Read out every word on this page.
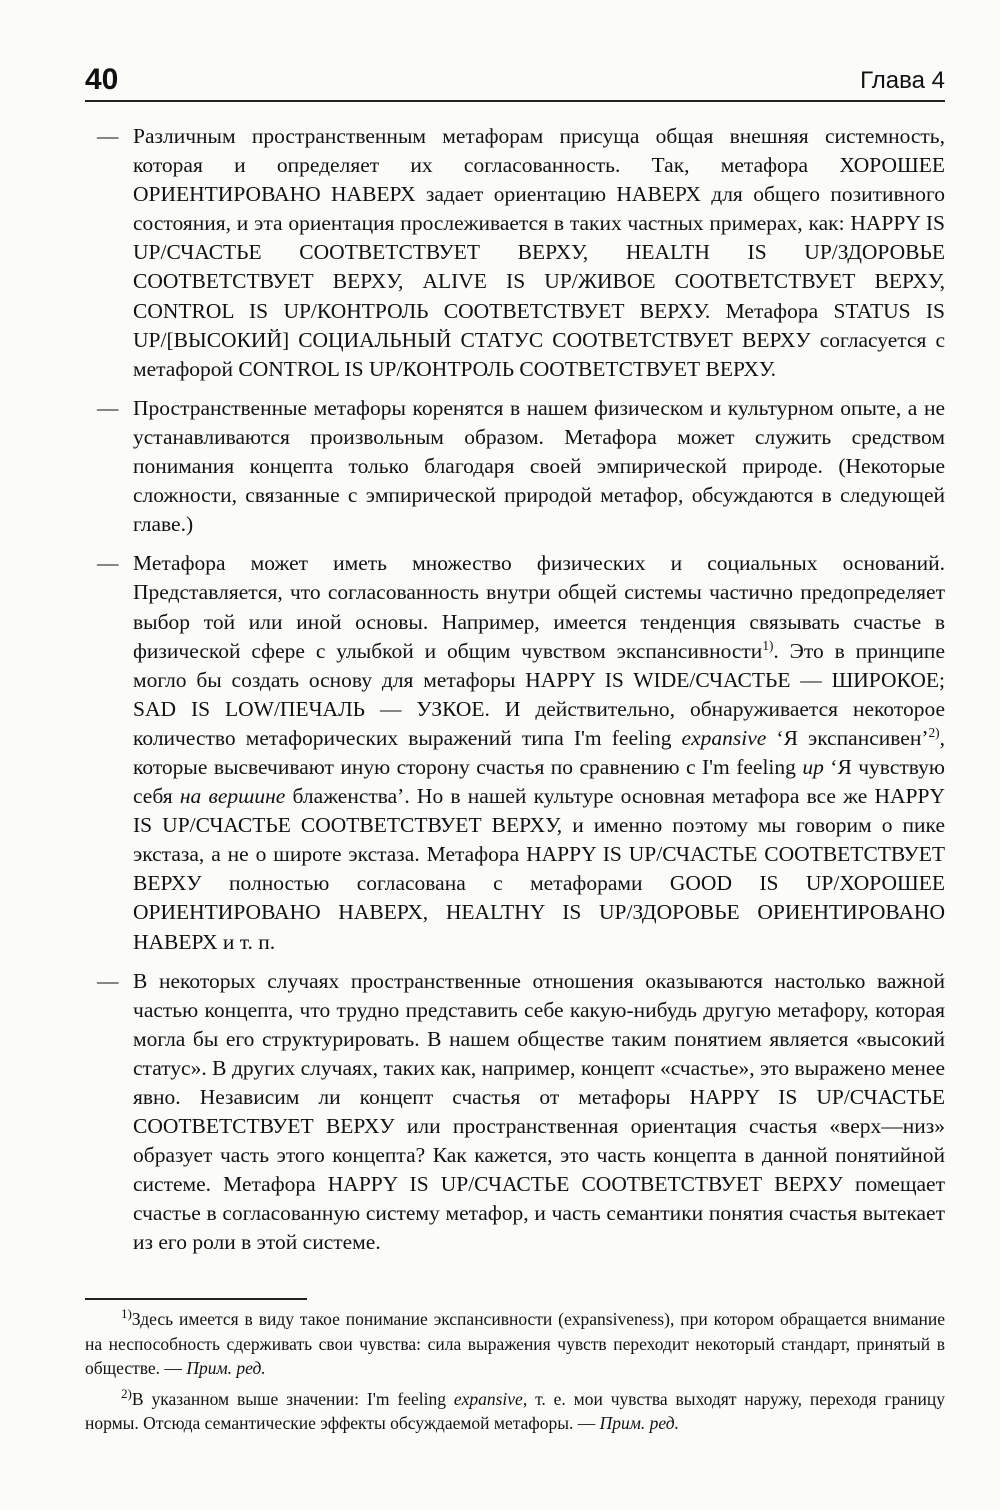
40	Глава 4
— Различным пространственным метафорам присуща общая внешняя системность, которая и определяет их согласованность. Так, метафора ХОРОШЕЕ ОРИЕНТИРОВАНО НАВЕРХ задает ориентацию НАВЕРХ для общего позитивного состояния, и эта ориентация прослеживается в таких частных примерах, как: HAPPY IS UP/СЧАСТЬЕ СООТВЕТСТВУЕТ ВЕРХУ, HEALTH IS UP/ЗДОРОВЬЕ СООТВЕТСТВУЕТ ВЕРХУ, ALIVE IS UP/ЖИВОЕ СООТВЕТСТВУЕТ ВЕРХУ, CONTROL IS UP/КОНТРОЛЬ СООТВЕТСТВУЕТ ВЕРХУ. Метафора STATUS IS UP/[ВЫСОКИЙ] СОЦИАЛЬНЫЙ СТАТУС СООТВЕТСТВУЕТ ВЕРХУ согласуется с метафорой CONTROL IS UP/КОНТРОЛЬ СООТВЕТСТВУЕТ ВЕРХУ.

— Пространственные метафоры коренятся в нашем физическом и культурном опыте, а не устанавливаются произвольным образом. Метафора может служить средством понимания концепта только благодаря своей эмпирической природе. (Некоторые сложности, связанные с эмпирической природой метафор, обсуждаются в следующей главе.)

— Метафора может иметь множество физических и социальных оснований. Представляется, что согласованность внутри общей системы частично предопределяет выбор той или иной основы. Например, имеется тенденция связывать счастье в физической сфере с улыбкой и общим чувством экспансивности$^{1)}$. Это в принципе могло бы создать основу для метафоры HAPPY IS WIDE/СЧАСТЬЕ — ШИРОКОЕ; SAD IS LOW/ПЕЧАЛЬ — УЗКОЕ. И действительно, обнаруживается некоторое количество метафорических выражений типа I'm feeling expansive ‘Я экспансивен’$^{2)}$, которые высвечивают иную сторону счастья по сравнению с I'm feeling up ‘Я чувствую себя на вершине блаженства’. Но в нашей культуре основная метафора все же HAPPY IS UP/СЧАСТЬЕ СООТВЕТСТВУЕТ ВЕРХУ, и именно поэтому мы говорим о пике экстаза, а не о широте экстаза. Метафора HAPPY IS UP/СЧАСТЬЕ СООТВЕТСТВУЕТ ВЕРХУ полностью согласована с метафорами GOOD IS UP/ХОРОШЕЕ ОРИЕНТИРОВАНО НАВЕРХ, HEALTHY IS UP/ЗДОРОВЬЕ ОРИЕНТИРОВАНО НАВЕРХ и т. п.

— В некоторых случаях пространственные отношения оказываются настолько важной частью концепта, что трудно представить себе какую-нибудь другую метафору, которая могла бы его структурировать. В нашем обществе таким понятием является «высокий статус». В других случаях, таких как, например, концепт «счастье», это выражено менее явно. Независим ли концепт счастья от метафоры HAPPY IS UP/СЧАСТЬЕ СООТВЕТСТВУЕТ ВЕРХУ или пространственная ориентация счастья «верх—низ» образует часть этого концепта? Как кажется, это часть концепта в данной понятийной системе. Метафора HAPPY IS UP/СЧАСТЬЕ СООТВЕТСТВУЕТ ВЕРХУ помещает счастье в согласованную систему метафор, и часть семантики понятия счастья вытекает из его роли в этой системе.

$^{1)}$Здесь имеется в виду такое понимание экспансивности (expansiveness), при котором обращается внимание на неспособность сдерживать свои чувства: сила выражения чувств переходит некоторый стандарт, принятый в обществе. — Прим. ред.

$^{2)}$В указанном выше значении: I'm feeling expansive, т. е. мои чувства выходят наружу, переходя границу нормы. Отсюда семантические эффекты обсуждаемой метафоры. — Прим. ред.
